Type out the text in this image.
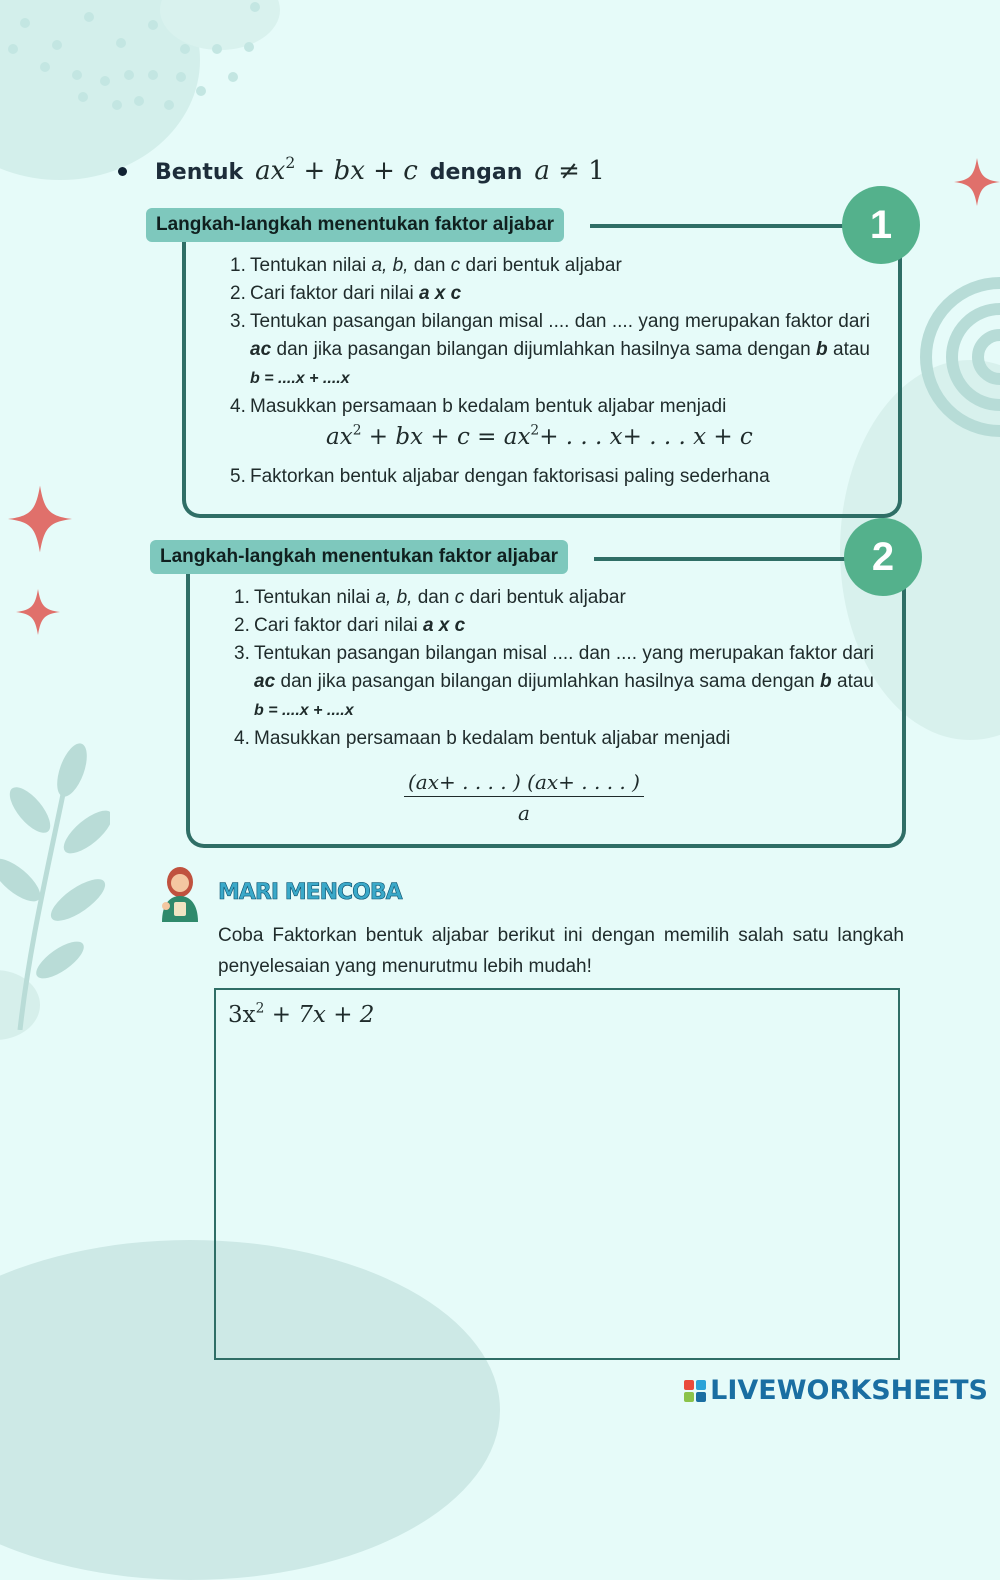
Bentuk $ax^2$ + bx + c dengan a ≠ 1
Langkah-langkah menentukan faktor aljabar	1
1. Tentukan nilai a, b, dan c dari bentuk aljabar
2. Cari faktor dari nilai a x c
3. Tentukan pasangan bilangan misal .... dan .... yang merupakan faktor dari ac dan jika pasangan bilangan dijumlahkan hasilnya sama dengan b atau b = ....x + ....x
4. Masukkan persamaan b kedalam bentuk aljabar menjadi
5. Faktorkan bentuk aljabar dengan faktorisasi paling sederhana
$ax^2$ + bx + $c = ax^2+$ . . . x+ . . . x + c
Langkah-langkah menentukan faktor aljabar	2
1. Tentukan nilai a, b, dan c dari bentuk aljabar
2. Cari faktor dari nilai a x c
3. Tentukan pasangan bilangan misal .... dan .... yang merupakan faktor dari ac dan jika pasangan bilangan dijumlahkan hasilnya sama dengan b atau b = ....x + ....x
4. Masukkan persamaan b kedalam bentuk aljabar menjadi
$\frac{(ax+ . . . . ) (ax+ . . . . )}{a}$
MARI MENCOBA
Coba Faktorkan bentuk aljabar berikut ini dengan memilih salah satu langkah penyelesaian yang menurutmu lebih mudah!
$3x^2 + 7x + 2$
LIVEWORKSHEETS
